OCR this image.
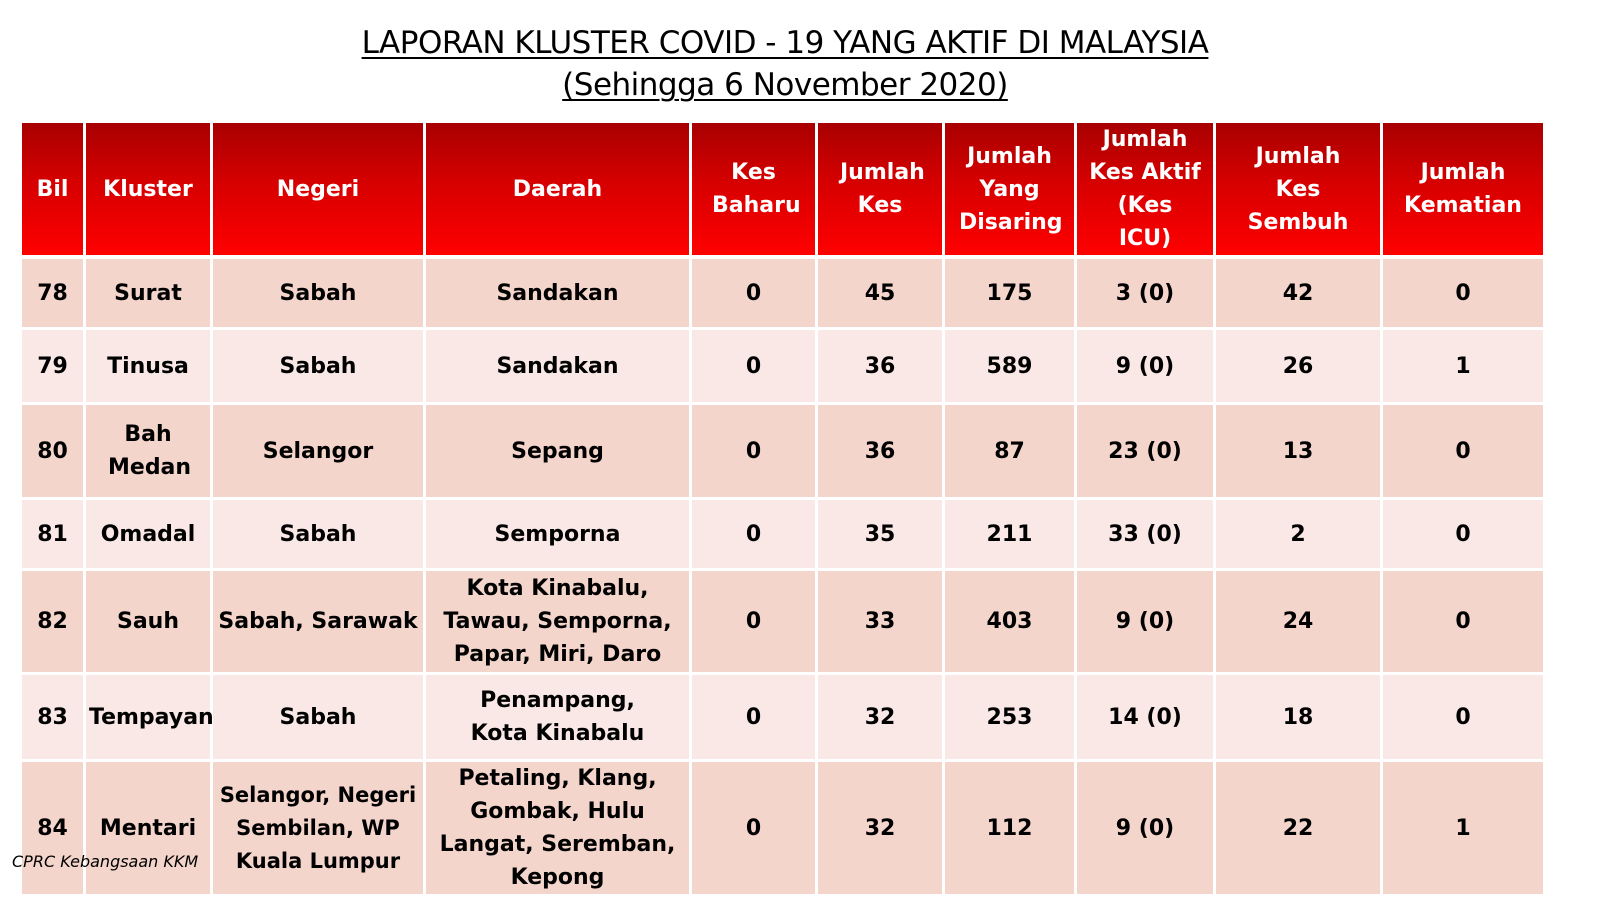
LAPORAN KLUSTER COVID - 19 YANG AKTIF DI MALAYSIA
(Sehingga 6 November 2020)
Bil	Kluster	Negeri	Daerah	Kes Baharu	Jumlah Kes	Jumlah Yang Disaring	Jumlah Kes Aktif (Kes ICU)	Jumlah Kes Sembuh	Jumlah Kematian
78	Surat	Sabah	Sandakan	0	45	175	3 (0)	42	0
79	Tinusa	Sabah	Sandakan	0	36	589	9 (0)	26	1
80	Bah Medan	Selangor	Sepang	0	36	87	23 (0)	13	0
81	Omadal	Sabah	Semporna	0	35	211	33 (0)	2	0
82	Sauh	Sabah, Sarawak	Kota Kinabalu, Tawau, Semporna, Papar, Miri, Daro	0	33	403	9 (0)	24	0
83	Tempayan	Sabah	Penampang, Kota Kinabalu	0	32	253	14 (0)	18	0
84	Mentari	Selangor, Negeri Sembilan, WP Kuala Lumpur	Petaling, Klang, Gombak, Hulu Langat, Seremban, Kepong	0	32	112	9 (0)	22	1
CPRC Kebangsaan KKM
